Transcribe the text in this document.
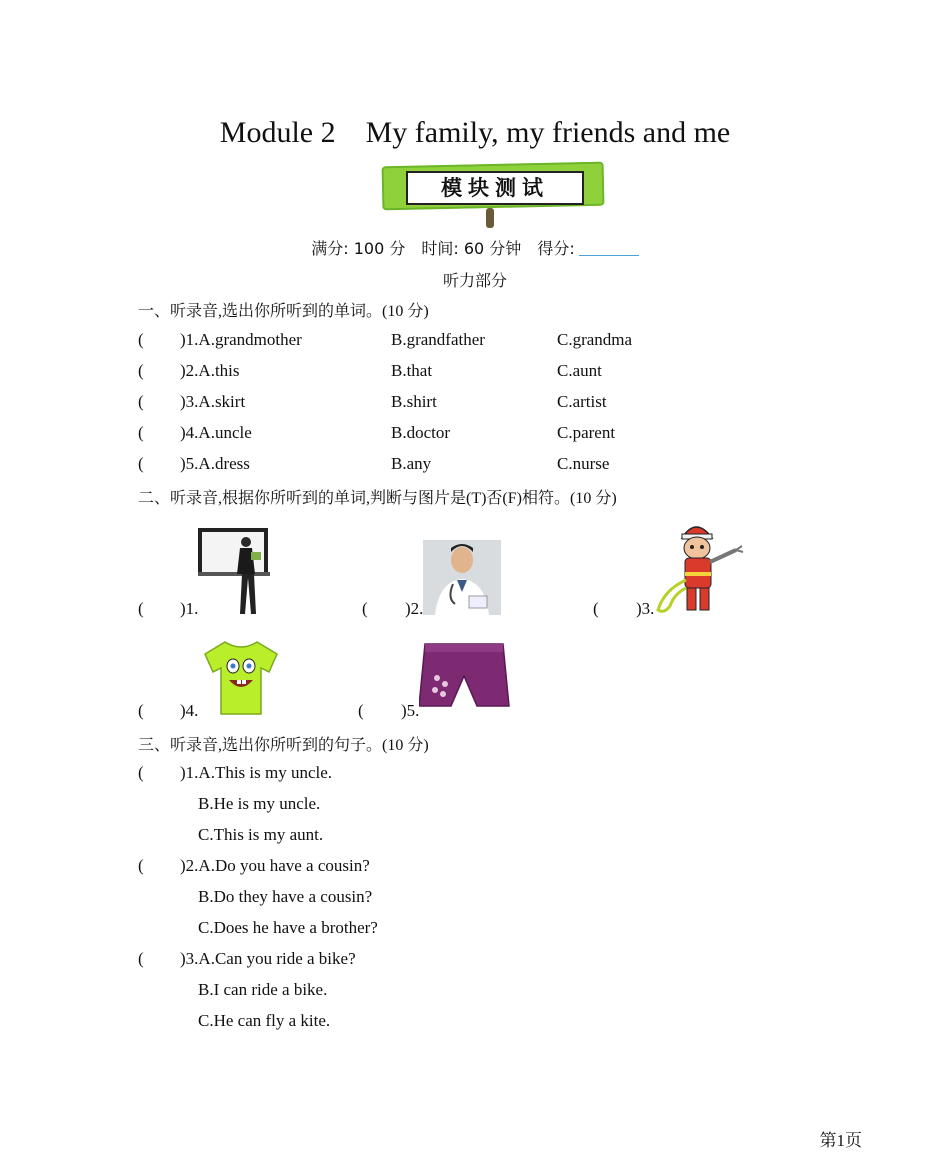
Module 2    My family, my friends and me
模块测试
满分: 100 分 时间: 60 分钟 得分:
听力部分
一、听录音,选出你所听到的单词。(10 分)
( )1.A.grandmother	B.grandfather	C.grandma
( )2.A.this	B.that	C.aunt
( )3.A.skirt	B.shirt	C.artist
( )4.A.uncle	B.doctor	C.parent
( )5.A.dress	B.any	C.nurse
二、听录音,根据你所听到的单词,判断与图片是(T)否(F)相符。(10 分)
( )1.	( )2.	( )3.
( )4.	( )5.
三、听录音,选出你所听到的句子。(10 分)
( )1.A.This is my uncle.
B.He is my uncle.
C.This is my aunt.
( )2.A.Do you have a cousin?
B.Do they have a cousin?
C.Does he have a brother?
( )3.A.Can you ride a bike?
B.I can ride a bike.
C.He can fly a kite.
第1页
